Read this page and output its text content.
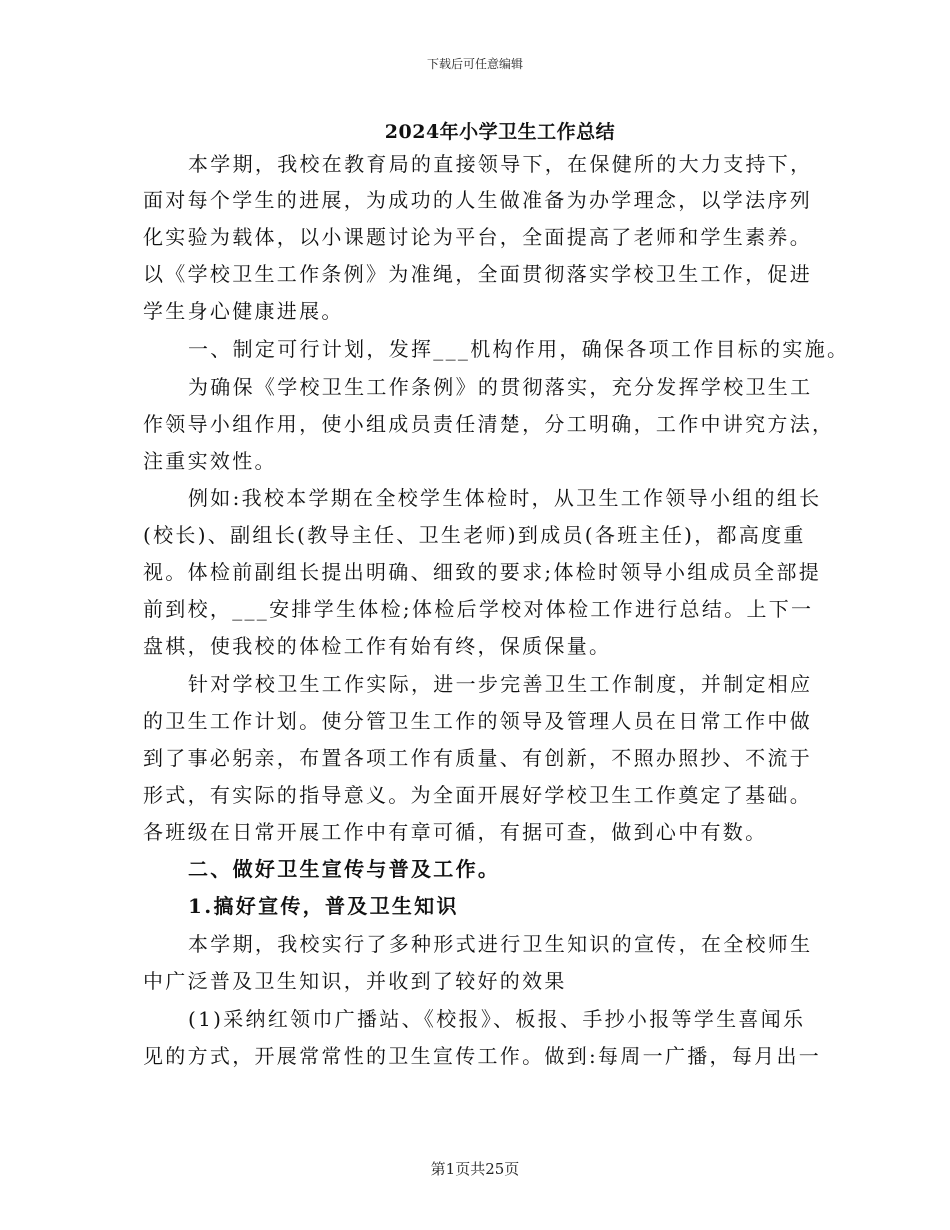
下载后可任意编辑
2024年小学卫生工作总结
本学期，我校在教育局的直接领导下，在保健所的大力支持下，
面对每个学生的进展，为成功的人生做准备为办学理念，以学法序列
化实验为载体，以小课题讨论为平台，全面提高了老师和学生素养。
以《学校卫生工作条例》为准绳，全面贯彻落实学校卫生工作，促进
学生身心健康进展。
一、制定可行计划，发挥___机构作用，确保各项工作目标的实施。
为确保《学校卫生工作条例》的贯彻落实，充分发挥学校卫生工
作领导小组作用，使小组成员责任清楚，分工明确，工作中讲究方法，
注重实效性。
例如:我校本学期在全校学生体检时，从卫生工作领导小组的组长
(校长)、副组长(教导主任、卫生老师)到成员(各班主任)，都高度重
视。体检前副组长提出明确、细致的要求;体检时领导小组成员全部提
前到校，___安排学生体检;体检后学校对体检工作进行总结。上下一
盘棋，使我校的体检工作有始有终，保质保量。
针对学校卫生工作实际，进一步完善卫生工作制度，并制定相应
的卫生工作计划。使分管卫生工作的领导及管理人员在日常工作中做
到了事必躬亲，布置各项工作有质量、有创新，不照办照抄、不流于
形式，有实际的指导意义。为全面开展好学校卫生工作奠定了基础。
各班级在日常开展工作中有章可循，有据可查，做到心中有数。
二、做好卫生宣传与普及工作。
1.搞好宣传，普及卫生知识
本学期，我校实行了多种形式进行卫生知识的宣传，在全校师生
中广泛普及卫生知识，并收到了较好的效果
(1)采纳红领巾广播站、《校报》、板报、手抄小报等学生喜闻乐
见的方式，开展常常性的卫生宣传工作。做到:每周一广播，每月出一
第1页共25页
